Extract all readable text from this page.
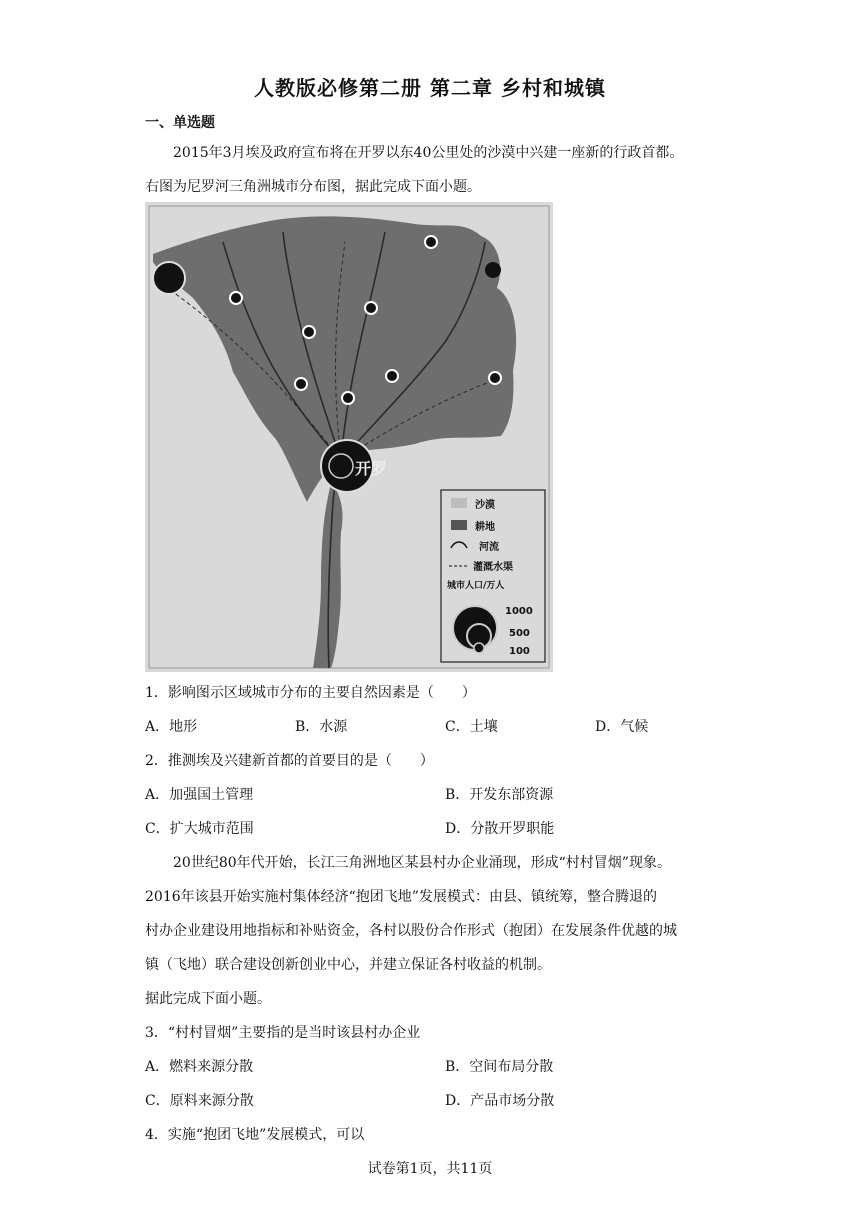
人教版必修第二册 第二章 乡村和城镇
一、单选题
2015年3月埃及政府宣布将在开罗以东40公里处的沙漠中兴建一座新的行政首都。
右图为尼罗河三角洲城市分布图，据此完成下面小题。
开罗
沙漠
耕地
河流
灌溉水渠
城市人口/万人
1000
500
100
1．影响图示区域城市分布的主要自然因素是（　　）
A．地形	B．水源	C．土壤	D．气候
2．推测埃及兴建新首都的首要目的是（　　）
A．加强国土管理	B．开发东部资源
C．扩大城市范围	D．分散开罗职能
20世纪80年代开始，长江三角洲地区某县村办企业涌现，形成“村村冒烟”现象。
2016年该县开始实施村集体经济“抱团飞地”发展模式：由县、镇统筹，整合腾退的
村办企业建设用地指标和补贴资金，各村以股份合作形式（抱团）在发展条件优越的城
镇（飞地）联合建设创新创业中心，并建立保证各村收益的机制。
据此完成下面小题。
3．“村村冒烟”主要指的是当时该县村办企业
A．燃料来源分散	B．空间布局分散
C．原料来源分散	D．产品市场分散
4．实施“抱团飞地”发展模式，可以
试卷第1页，共11页
